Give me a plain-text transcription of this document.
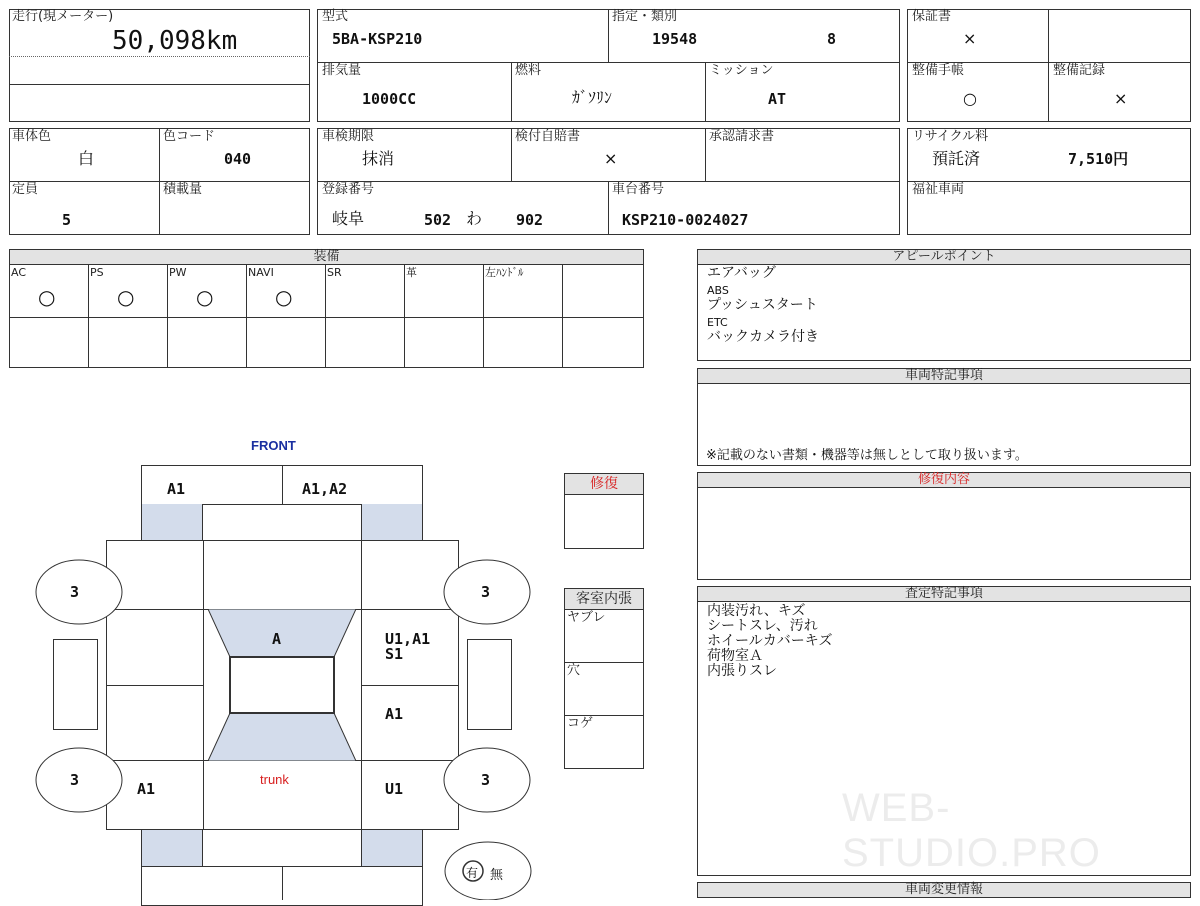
走行(現メーター)
50,098km
型式
5BA-KSP210
指定・類別
19548	8
排気量
1000CC
燃料
ｶﾞｿﾘﾝ
ミッション
AT
保証書
×
整備手帳
○
整備記録
×
車体色
白
色コード
040
定員
5
積載量
車検期限
抹消
検付自賠書
×
承認請求書
登録番号
岐阜	502 わ 902
車台番号
KSP210-0024027
リサイクル料
預託済	7,510円
福祉車両
装備
AC
○
PS
○
PW
○
NAVI
○
SR	革	左ﾊﾝﾄﾞﾙ
アピールポイント
エアバッグ
ABS
プッシュスタート
ETC
バックカメラ付き
車両特記事項
※記載のない書類・機器等は無しとして取り扱います。
修復内容
査定特記事項
内装汚れ、キズ
シートスレ、汚れ
ホイールカバーキズ
荷物室Ａ
内張りスレ
WEB-STUDIO.PRO
車両変更情報
修復
客室内張
ヤブレ
穴
コゲ
FRONT
A1	A1,A2
A	U1,A1
S1
A1
A1	U1
trunk
3	3
3	3
有 無
